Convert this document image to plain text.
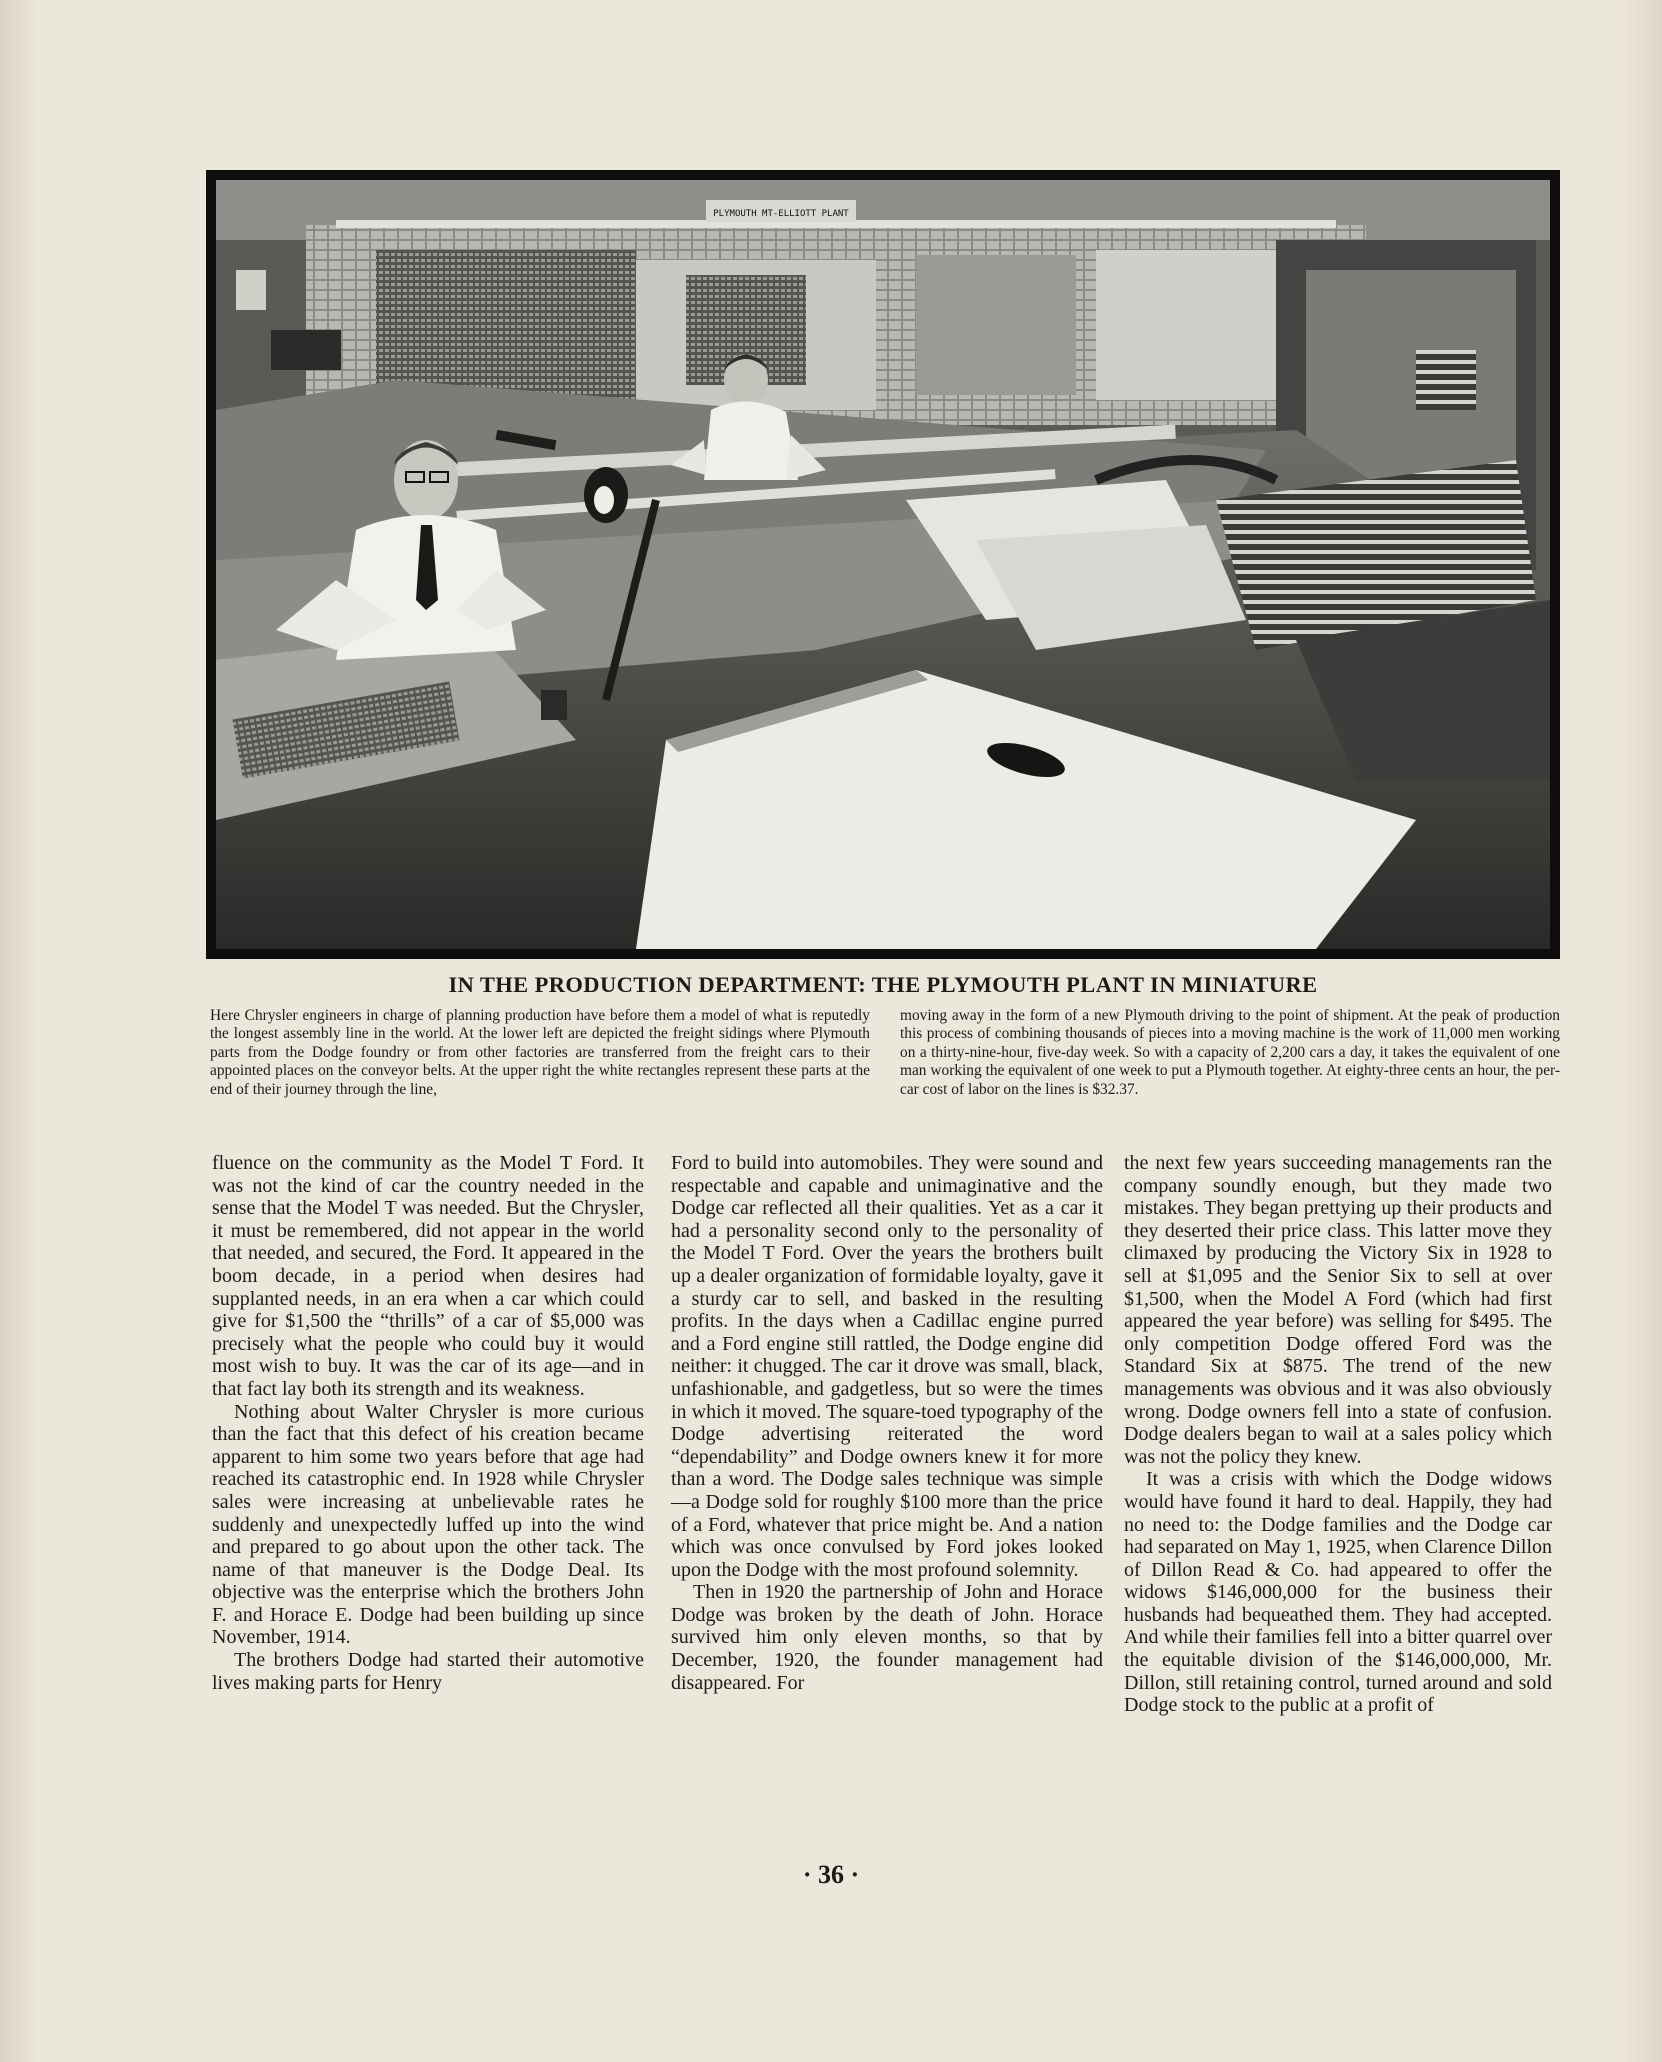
PLYMOUTH MT-ELLIOTT PLANT
IN THE PRODUCTION DEPARTMENT: THE PLYMOUTH PLANT IN MINIATURE
Here Chrysler engineers in charge of planning production have before them a model of what is reputedly the longest assembly line in the world. At the lower left are depicted the freight sidings where Plymouth parts from the Dodge foundry or from other factories are transferred from the freight cars to their appointed places on the conveyor belts. At the upper right the white rectangles represent these parts at the end of their journey through the line,
moving away in the form of a new Plymouth driving to the point of shipment. At the peak of production this process of combining thousands of pieces into a moving machine is the work of 11,000 men working on a thirty-nine-hour, five-day week. So with a capacity of 2,200 cars a day, it takes the equivalent of one man working the equivalent of one week to put a Plymouth together. At eighty-three cents an hour, the per-car cost of labor on the lines is $32.37.

fluence on the community as the Model T Ford. It was not the kind of car the country needed in the sense that the Model T was needed. But the Chrysler, it must be remembered, did not appear in the world that needed, and secured, the Ford. It appeared in the boom decade, in a period when desires had supplanted needs, in an era when a car which could give for $1,500 the “thrills” of a car of $5,000 was precisely what the people who could buy it would most wish to buy. It was the car of its age—and in that fact lay both its strength and its weakness.

Nothing about Walter Chrysler is more curious than the fact that this defect of his creation became apparent to him some two years before that age had reached its catastrophic end. In 1928 while Chrysler sales were increasing at unbelievable rates he suddenly and unexpectedly luffed up into the wind and prepared to go about upon the other tack. The name of that maneuver is the Dodge Deal. Its objective was the enterprise which the brothers John F. and Horace E. Dodge had been building up since November, 1914.

The brothers Dodge had started their automotive lives making parts for Henry

Ford to build into automobiles. They were sound and respectable and capable and unimaginative and the Dodge car reflected all their qualities. Yet as a car it had a personality second only to the personality of the Model T Ford. Over the years the brothers built up a dealer organization of formidable loyalty, gave it a sturdy car to sell, and basked in the resulting profits. In the days when a Cadillac engine purred and a Ford engine still rattled, the Dodge engine did neither: it chugged. The car it drove was small, black, unfashionable, and gadgetless, but so were the times in which it moved. The square-toed typography of the Dodge advertising reiterated the word “dependability” and Dodge owners knew it for more than a word. The Dodge sales technique was simple—a Dodge sold for roughly $100 more than the price of a Ford, whatever that price might be. And a nation which was once convulsed by Ford jokes looked upon the Dodge with the most profound solemnity.

Then in 1920 the partnership of John and Horace Dodge was broken by the death of John. Horace survived him only eleven months, so that by December, 1920, the founder management had disappeared. For

the next few years succeeding managements ran the company soundly enough, but they made two mistakes. They began prettying up their products and they deserted their price class. This latter move they climaxed by producing the Victory Six in 1928 to sell at $1,095 and the Senior Six to sell at over $1,500, when the Model A Ford (which had first appeared the year before) was selling for $495. The only competition Dodge offered Ford was the Standard Six at $875. The trend of the new managements was obvious and it was also obviously wrong. Dodge owners fell into a state of confusion. Dodge dealers began to wail at a sales policy which was not the policy they knew.

It was a crisis with which the Dodge widows would have found it hard to deal. Happily, they had no need to: the Dodge families and the Dodge car had separated on May 1, 1925, when Clarence Dillon of Dillon Read & Co. had appeared to offer the widows $146,000,000 for the business their husbands had bequeathed them. They had accepted. And while their families fell into a bitter quarrel over the equitable division of the $146,000,000, Mr. Dillon, still retaining control, turned around and sold Dodge stock to the public at a profit of

· 36 ·
